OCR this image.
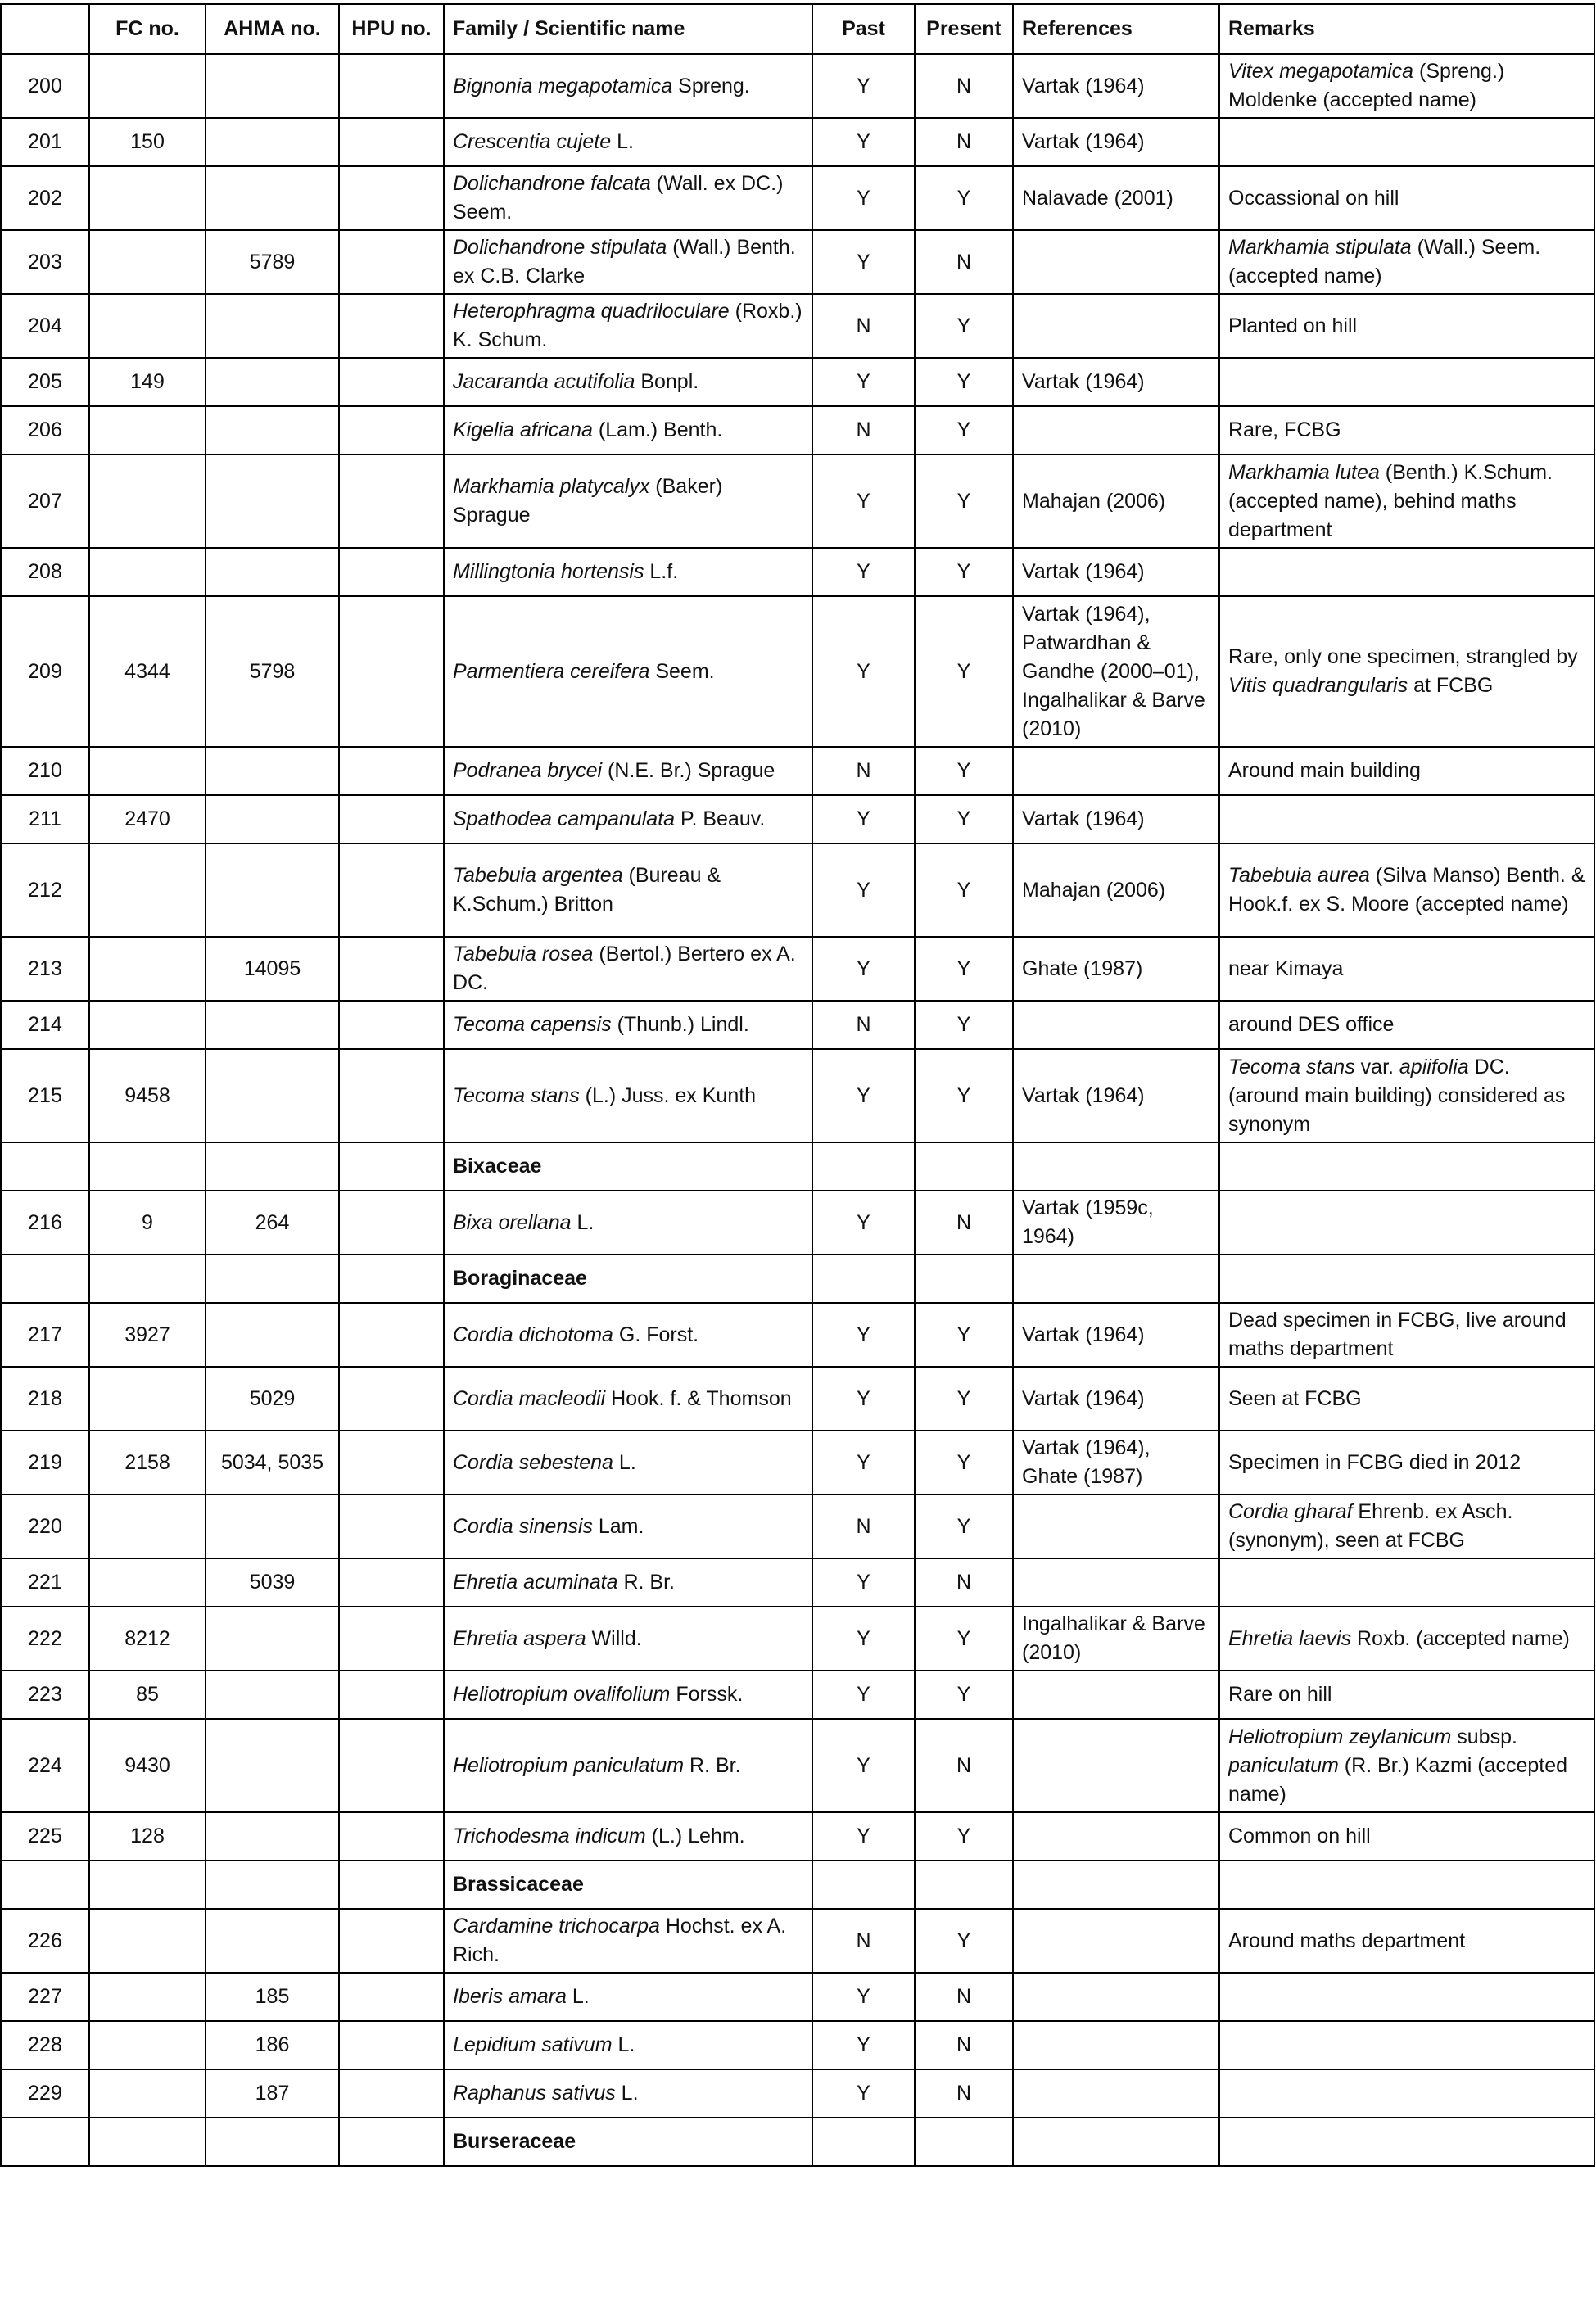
	FC no.	AHMA no.	HPU no.	Family / Scientific name	Past	Present	References	Remarks
200				Bignonia megapotamica Spreng.	Y	N	Vartak (1964)	Vitex megapotamica (Spreng.) Moldenke (accepted name)
201	150			Crescentia cujete L.	Y	N	Vartak (1964)	
202				Dolichandrone falcata (Wall. ex DC.) Seem.	Y	Y	Nalavade (2001)	Occassional on hill
203		5789		Dolichandrone stipulata (Wall.) Benth. ex C.B. Clarke	Y	N		Markhamia stipulata (Wall.) Seem. (accepted name)
204				Heterophragma quadriloculare (Roxb.) K. Schum.	N	Y		Planted on hill
205	149			Jacaranda acutifolia Bonpl.	Y	Y	Vartak (1964)	
206				Kigelia africana (Lam.) Benth.	N	Y		Rare, FCBG
207				Markhamia platycalyx (Baker) Sprague	Y	Y	Mahajan (2006)	Markhamia lutea (Benth.) K.Schum. (accepted name), behind maths department
208				Millingtonia hortensis L.f.	Y	Y	Vartak (1964)	
209	4344	5798		Parmentiera cereifera Seem.	Y	Y	Vartak (1964), Patwardhan & Gandhe (2000–01), Ingalhalikar & Barve (2010)	Rare, only one specimen, strangled by Vitis quadrangularis at FCBG
210				Podranea brycei (N.E. Br.) Sprague	N	Y		Around main building
211	2470			Spathodea campanulata P. Beauv.	Y	Y	Vartak (1964)	
212				Tabebuia argentea (Bureau & K.Schum.) Britton	Y	Y	Mahajan (2006)	Tabebuia aurea (Silva Manso) Benth. & Hook.f. ex S. Moore (accepted name)
213		14095		Tabebuia rosea (Bertol.) Bertero ex A. DC.	Y	Y	Ghate (1987)	near Kimaya
214				Tecoma capensis (Thunb.) Lindl.	N	Y		around DES office
215	9458			Tecoma stans (L.) Juss. ex Kunth	Y	Y	Vartak (1964)	Tecoma stans var. apiifolia DC. (around main building) considered as synonym
				Bixaceae				
216	9	264		Bixa orellana L.	Y	N	Vartak (1959c, 1964)	
				Boraginaceae				
217	3927			Cordia dichotoma G. Forst.	Y	Y	Vartak (1964)	Dead specimen in FCBG, live around maths department
218		5029		Cordia macleodii Hook. f. & Thomson	Y	Y	Vartak (1964)	Seen at FCBG
219	2158	5034, 5035		Cordia sebestena L.	Y	Y	Vartak (1964), Ghate (1987)	Specimen in FCBG died in 2012
220				Cordia sinensis Lam.	N	Y		Cordia gharaf Ehrenb. ex Asch. (synonym), seen at FCBG
221		5039		Ehretia acuminata R. Br.	Y	N		
222	8212			Ehretia aspera Willd.	Y	Y	Ingalhalikar & Barve (2010)	Ehretia laevis Roxb. (accepted name)
223	85			Heliotropium ovalifolium Forssk.	Y	Y		Rare on hill
224	9430			Heliotropium paniculatum R. Br.	Y	N		Heliotropium zeylanicum subsp. paniculatum (R. Br.) Kazmi (accepted name)
225	128			Trichodesma indicum (L.) Lehm.	Y	Y		Common on hill
				Brassicaceae				
226				Cardamine trichocarpa Hochst. ex A. Rich.	N	Y		Around maths department
227		185		Iberis amara L.	Y	N		
228		186		Lepidium sativum L.	Y	N		
229		187		Raphanus sativus L.	Y	N		
				Burseraceae				
